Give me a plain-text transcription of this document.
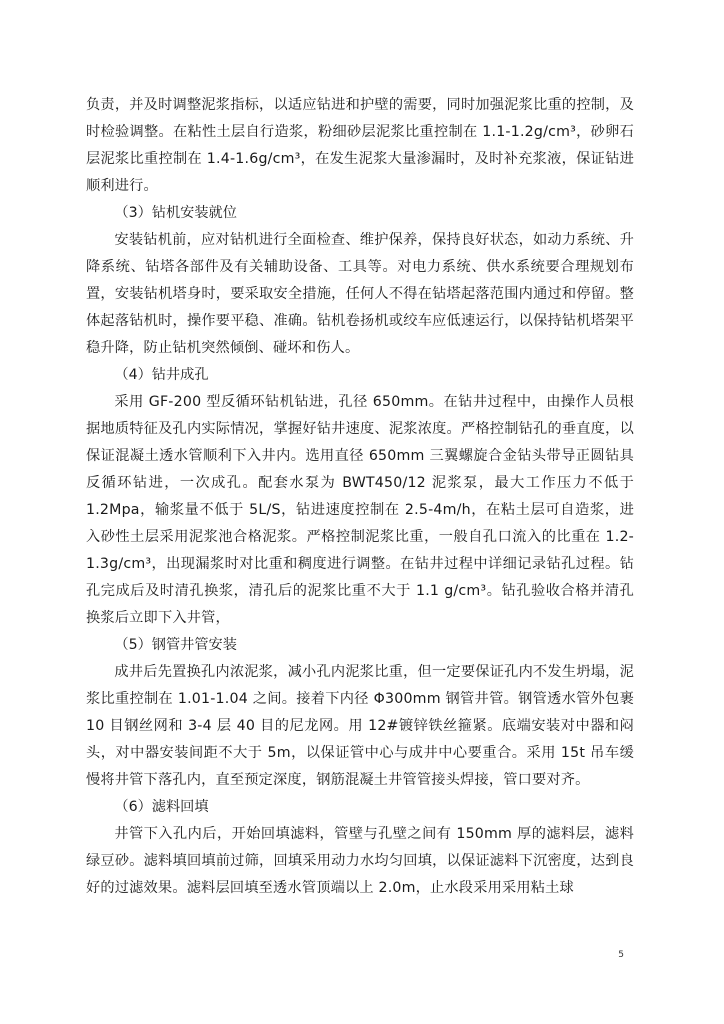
负责，并及时调整泥浆指标，以适应钻进和护壁的需要，同时加强泥浆比重的控制，及时检验调整。在粘性土层自行造浆，粉细砂层泥浆比重控制在 1.1-1.2g/cm³，砂卵石层泥浆比重控制在 1.4-1.6g/cm³，在发生泥浆大量渗漏时，及时补充浆液，保证钻进顺利进行。

（3）钻机安装就位

安装钻机前，应对钻机进行全面检查、维护保养，保持良好状态，如动力系统、升降系统、钻塔各部件及有关辅助设备、工具等。对电力系统、供水系统要合理规划布置，安装钻机塔身时，要采取安全措施，任何人不得在钻塔起落范围内通过和停留。整体起落钻机时，操作要平稳、准确。钻机卷扬机或绞车应低速运行，以保持钻机塔架平稳升降，防止钻机突然倾倒、碰坏和伤人。

（4）钻井成孔

采用 GF-200 型反循环钻机钻进，孔径 650mm。在钻井过程中，由操作人员根据地质特征及孔内实际情况，掌握好钻井速度、泥浆浓度。严格控制钻孔的垂直度，以保证混凝土透水管顺利下入井内。选用直径 650mm 三翼螺旋合金钻头带导正圆钻具反循环钻进，一次成孔。配套水泵为 BWT450/12 泥浆泵，最大工作压力不低于1.2Mpa，输浆量不低于 5L/S，钻进速度控制在 2.5-4m/h，在粘土层可自造浆，进入砂性土层采用泥浆池合格泥浆。严格控制泥浆比重，一般自孔口流入的比重在 1.2-1.3g/cm³，出现漏浆时对比重和稠度进行调整。在钻井过程中详细记录钻孔过程。钻孔完成后及时清孔换浆，清孔后的泥浆比重不大于 1.1 g/cm³。钻孔验收合格并清孔换浆后立即下入井管，

（5）钢管井管安装

成井后先置换孔内浓泥浆，减小孔内泥浆比重，但一定要保证孔内不发生坍塌，泥浆比重控制在 1.01-1.04 之间。接着下内径 Φ300mm 钢管井管。钢管透水管外包裹10 目钢丝网和 3-4 层 40 目的尼龙网。用 12#镀锌铁丝箍紧。底端安装对中器和闷头，对中器安装间距不大于 5m，以保证管中心与成井中心要重合。采用 15t 吊车缓慢将井管下落孔内，直至预定深度，钢筋混凝土井管管接头焊接，管口要对齐。

（6）滤料回填

井管下入孔内后，开始回填滤料，管壁与孔壁之间有 150mm 厚的滤料层，滤料绿豆砂。滤料填回填前过筛，回填采用动力水均匀回填，以保证滤料下沉密度，达到良好的过滤效果。滤料层回填至透水管顶端以上 2.0m，止水段采用采用粘土球

5
